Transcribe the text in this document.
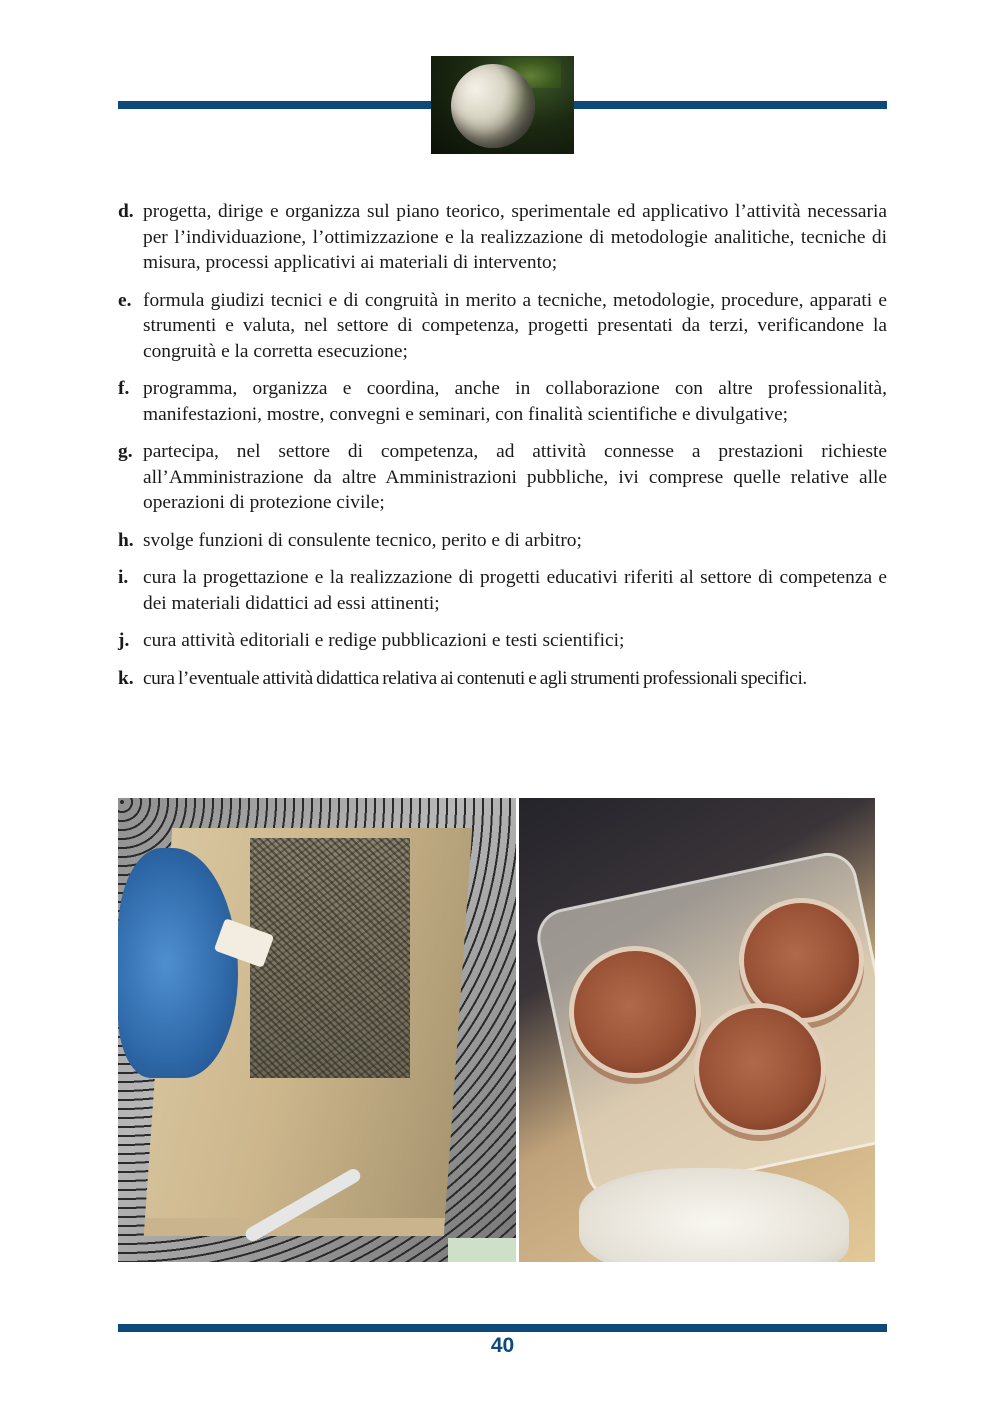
d. progetta, dirige e organizza sul piano teorico, sperimentale ed applicativo l’attività necessaria per l’individuazione, l’ottimizzazione e la realizzazione di metodologie analitiche, tecniche di misura, processi applicativi ai materiali di intervento;
e. formula giudizi tecnici e di congruità in merito a tecniche, metodologie, procedure, apparati e strumenti e valuta, nel settore di competenza, progetti presentati da terzi, verificandone la congruità e la corretta esecuzione;
f. programma, organizza e coordina, anche in collaborazione con altre professionalità, manifestazioni, mostre, convegni e seminari, con finalità scientifiche e divulgative;
g. partecipa, nel settore di competenza, ad attività connesse a prestazioni richieste all’Amministrazione da altre Amministrazioni pubbliche, ivi comprese quelle relative alle operazioni di protezione civile;
h. svolge funzioni di consulente tecnico, perito e di arbitro;
i. cura la progettazione e la realizzazione di progetti educativi riferiti al settore di competenza e dei materiali didattici ad essi attinenti;
j. cura attività editoriali e redige pubblicazioni e testi scientifici;
k. cura l’eventuale attività didattica relativa ai contenuti e agli strumenti professionali specifici.
40
